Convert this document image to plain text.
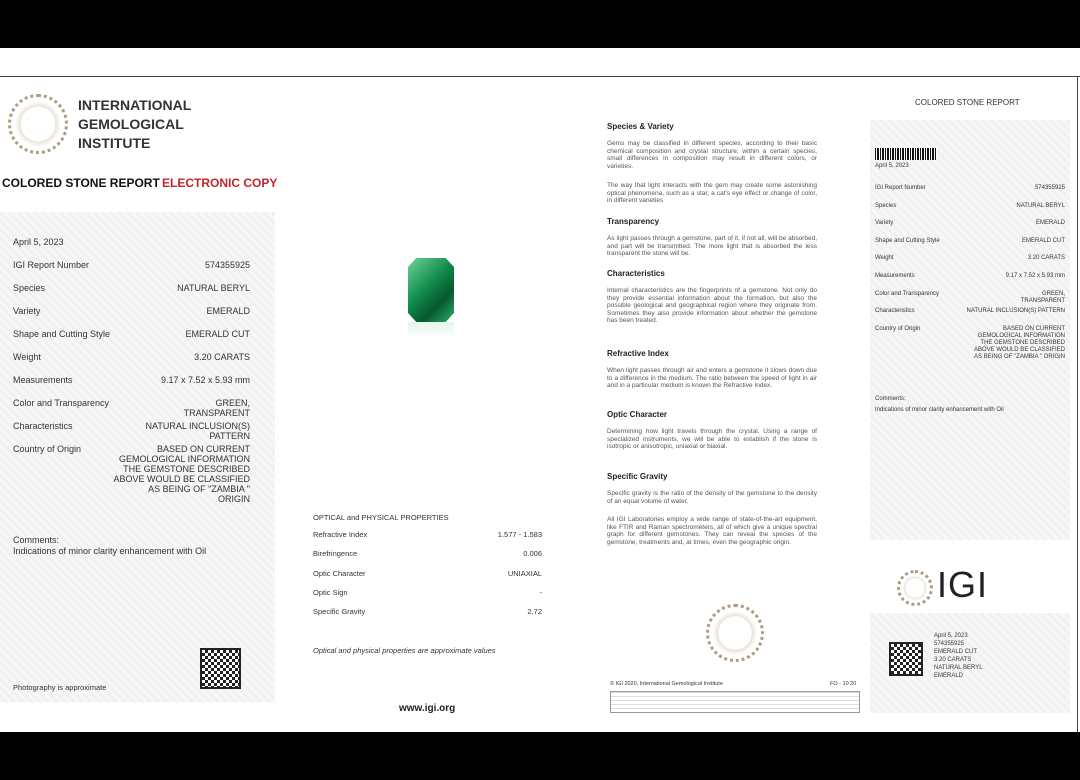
INTERNATIONAL
GEMOLOGICAL
INSTITUTE
COLORED STONE REPORT ELECTRONIC COPY
April 5, 2023
IGI Report Number	574355925
Species	NATURAL BERYL
Variety	EMERALD
Shape and Cutting Style	EMERALD CUT
Weight	3.20 CARATS
Measurements	9.17 x 7.52 x 5.93 mm
Color and Transparency	GREEN,
TRANSPARENT
Characteristics	NATURAL INCLUSION(S)
PATTERN
Country of Origin	BASED ON CURRENT
GEMOLOGICAL INFORMATION
THE GEMSTONE DESCRIBED
ABOVE WOULD BE CLASSIFIED
AS BEING OF "ZAMBIA "
ORIGIN
Comments:
Indications of minor clarity enhancement with Oil
Photography is approximate
OPTICAL and PHYSICAL PROPERTIES
Refractive Index	1.577 - 1.583
Birefringence	0.006
Optic Character	UNIAXIAL
Optic Sign	-
Specific Gravity	2.72
Optical and physical properties are approximate values
www.igi.org
Species & Variety
Gems may be classified in different species, according to their basic chemical composition and crystal structure; within a certain species, small differences in composition may result in different colors, or varieties.
The way that light interacts with the gem may create some astonishing optical phenomena, such as a star, a cat's eye effect or change of color, in different varieties
Transparency
As light passes through a gemstone, part of it, if not all, will be absorbed, and part will be transmitted. The more light that is absorbed the less transparent the stone will be.
Characteristics
Internal characteristics are the fingerprints of a gemstone. Not only do they provide essential information about the formation, but also the possible geological and geographical region where they originate from. Sometimes they also provide information about whether the gemstone has been treated.
Refractive Index
When light passes through air and enters a gemstone it slows down due to a difference in the medium. The ratio between the speed of light in air and in a particular medium is known the Refractive Index.
Optic Character
Determining how light travels through the crystal. Using a range of specialized instruments, we will be able to establish if the stone is isotropic or anisotropic, uniaxial or biaxial.
Specific Gravity
Specific gravity is the ratio of the density of the gemstone to the density of an equal volume of water.
All IGI Laboratories employ a wide range of state-of-the-art equipment, like FTIR and Raman spectrometers, all of which give a unique spectral graph for different gemstones. They can reveal the species of the gemstone, treatments and, at times, even the geographic origin.
© IGI 2020, International Gemological Institute	FO - 10 20
COLORED STONE REPORT
April 5, 2023
IGI Report Number	574355925
Species	NATURAL BERYL
Variety	EMERALD
Shape and Cutting Style	EMERALD CUT
Weight	3.20 CARATS
Measurements	9.17 x 7.52 x 5.93 mm
Color and Transparency	GREEN,
TRANSPARENT
Characteristics	NATURAL INCLUSION(S) PATTERN
Country of Origin	BASED ON CURRENT
GEMOLOGICAL INFORMATION
THE GEMSTONE DESCRIBED
ABOVE WOULD BE CLASSIFIED
AS BEING OF "ZAMBIA " ORIGIN
Comments:
Indications of minor clarity enhancement with Oil
IGI
April 5, 2023
574355925
EMERALD CUT
3.20 CARATS
NATURAL BERYL
EMERALD
